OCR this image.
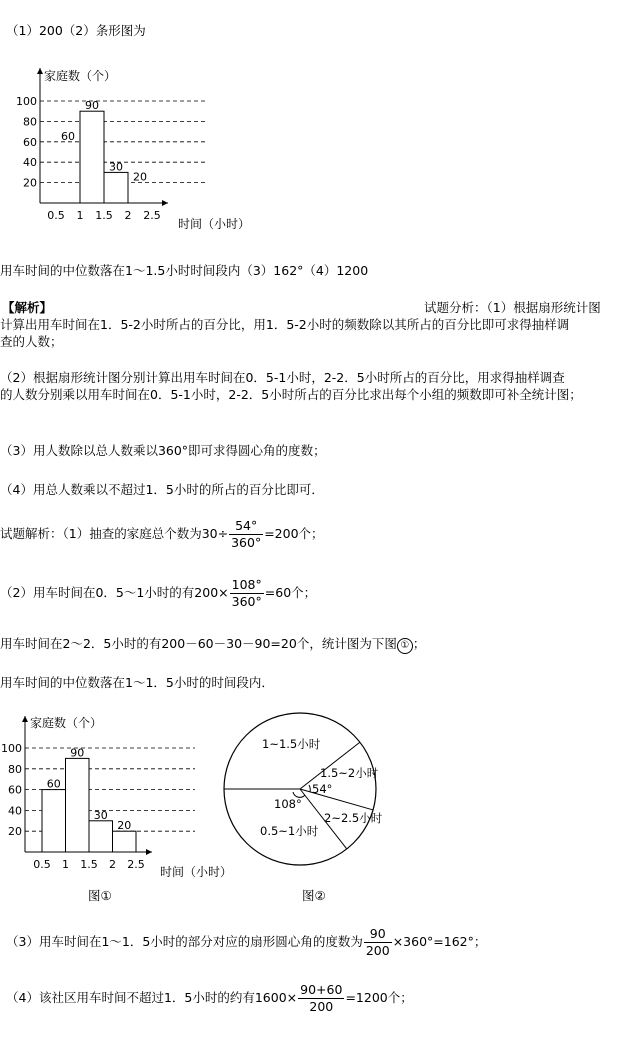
（1）200（2）条形图为
20
40
60
80
100	90
30
60
20
0.5 1 1.5 2 2.5
家庭数（个）
时间（小时）
用车时间的中位数落在1～1.5小时时间段内（3）162°（4）1200
【解析】	试题分析：（1）根据扇形统计图
计算出用车时间在1．5-2小时所占的百分比，用1．5-2小时的频数除以其所占的百分比即可求得抽样调
查的人数；
（2）根据扇形统计图分别计算出用车时间在0．5-1小时，2-2．5小时所占的百分比，用求得抽样调查
的人数分别乘以用车时间在0．5-1小时，2-2．5小时所占的百分比求出每个小组的频数即可补全统计图；
（3）用人数除以总人数乘以360°即可求得圆心角的度数；
（4）用总人数乘以不超过1．5小时的所占的百分比即可．
试题解析：（1）抽查的家庭总个数为$30\div \frac{54^\circ}{360^\circ} =200$个；
（2）用车时间在0．5～1小时的有$200\times \frac{108^\circ}{360^\circ} =60$个；
用车时间在2～2．5小时的有200－60－30－90=20个，统计图为下图 ① ；
用车时间的中位数落在1～1．5小时的时间段内．
20
40
60
80
100
60
90
30
20
0.5 1 1.5 2 2.5
家庭数（个）
时间（小时）
图①
1~1.5小时
1.5~2小时
2~2.5小时
0.5~1小时
54°
108°
图②
（3）用车时间在1～1．5小时的部分对应的扇形圆心角的度数为 $\frac{90}{200} \times 360^\circ=162^\circ$；
（4）该社区用车时间不超过1．5小时的约有$1600\times \frac{90+60}{200} =1200$个；
